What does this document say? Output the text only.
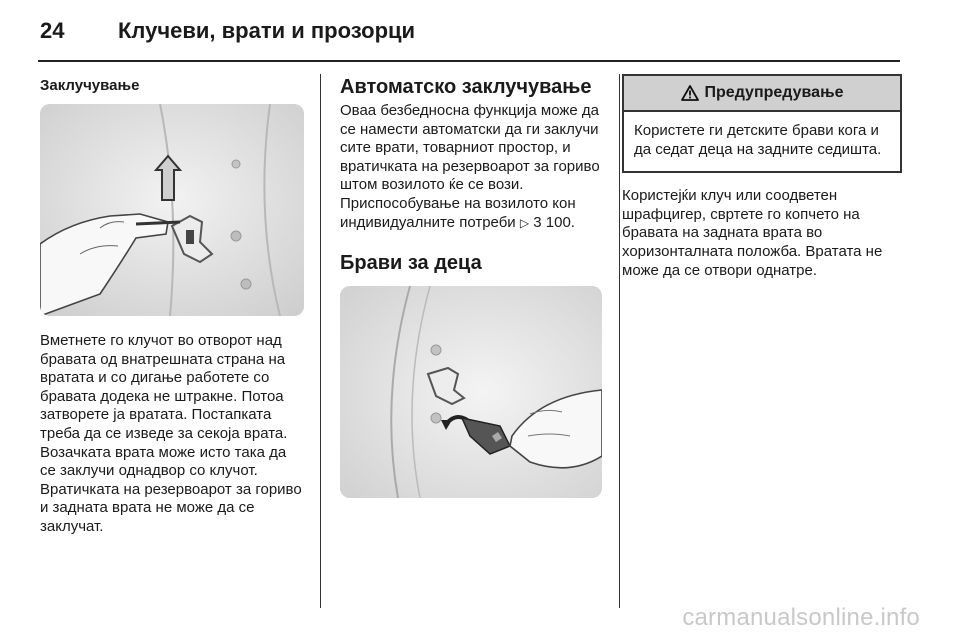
24 Клучеви, врати и прозорци
Заклучување

Вметнете го клучот во отворот над бравата од внатрешната страна на вратата и со дигање работете со бравата додека не штракне. Потоа затворете ја вратата. Постапката треба да се изведе за секоја врата. Возачката врата може исто така да се заклучи однадвор со клучот. Вратичката на резервоарот за гориво и задната врата не може да се заклучат.

Автоматско заклучување

Оваа безбедносна функција може да се намести автоматски да ги заклучи сите врати, товарниот простор, и вратичката на резервоарот за гориво штом возилото ќе се вози. Приспособување на возилото кон индивидуалните потреби ▷ 3 100.

Брави за деца
Предупредување

Користете ги детските брави кога и да седат деца на задните седишта.

Користејќи клуч или соодветен шрафцигер, свртете го копчето на бравата на задната врата во хоризонталната положба. Вратата не може да се отвори однатре.

carmanualsonline.info
